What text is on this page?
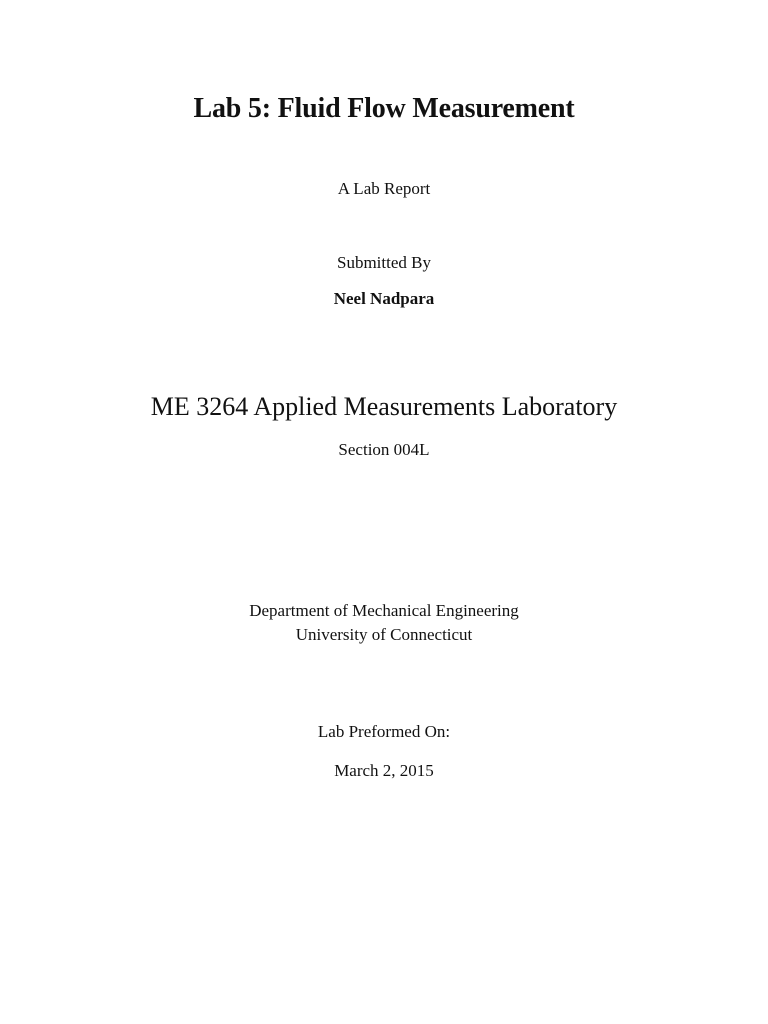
Lab 5: Fluid Flow Measurement
A Lab Report
Submitted By
Neel Nadpara
ME 3264 Applied Measurements Laboratory
Section 004L
Department of Mechanical Engineering
University of Connecticut
Lab Preformed On:
March 2, 2015
